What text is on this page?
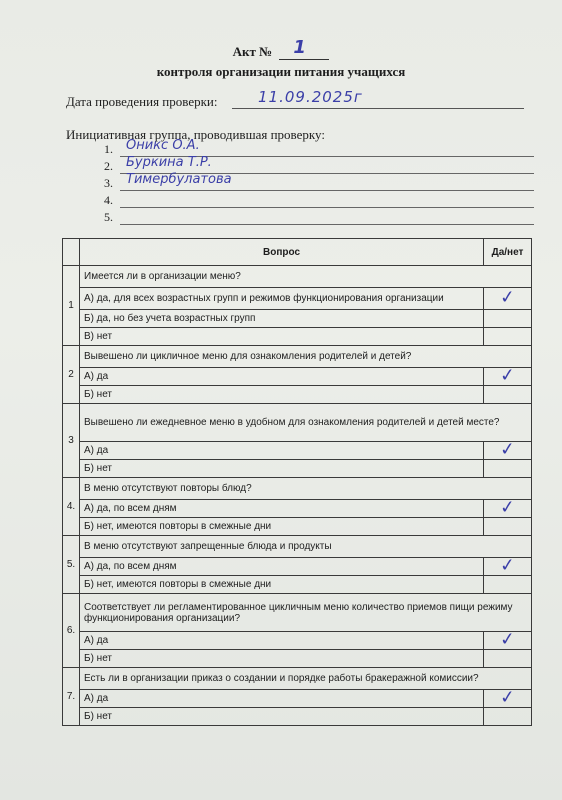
Акт № 1
контроля организации питания учащихся
Дата проведения проверки:	11.09.2025г
Инициативная группа, проводившая проверку:
1. Оникс О.А.
2. Буркина Т.Р.
3. Тимербулатова
4.
5.
	Вопрос	Да/нет
1	Имеется ли в организации меню?	
	А) да, для всех возрастных групп и режимов функционирования организации	✓
	Б) да, но без учета возрастных групп	
	В) нет	
2	Вывешено ли цикличное меню для ознакомления родителей и детей?	
	А) да	✓
	Б) нет	
3	Вывешено ли ежедневное меню в удобном для ознакомления родителей и детей месте?	
	А) да	✓
	Б) нет	
4.	В меню отсутствуют повторы блюд?	
	А) да, по всем дням	✓
	Б) нет, имеются повторы в смежные дни	
5.	В меню отсутствуют запрещенные блюда и продукты	
	А) да, по всем дням	✓
	Б) нет, имеются повторы в смежные дни	
6.	Соответствует ли регламентированное цикличным меню количество приемов пищи режиму функционирования организации?	
	А) да	✓
	Б) нет	
7.	Есть ли в организации приказ о создании и порядке работы бракеражной комиссии?	
	А) да	✓
	Б) нет	
